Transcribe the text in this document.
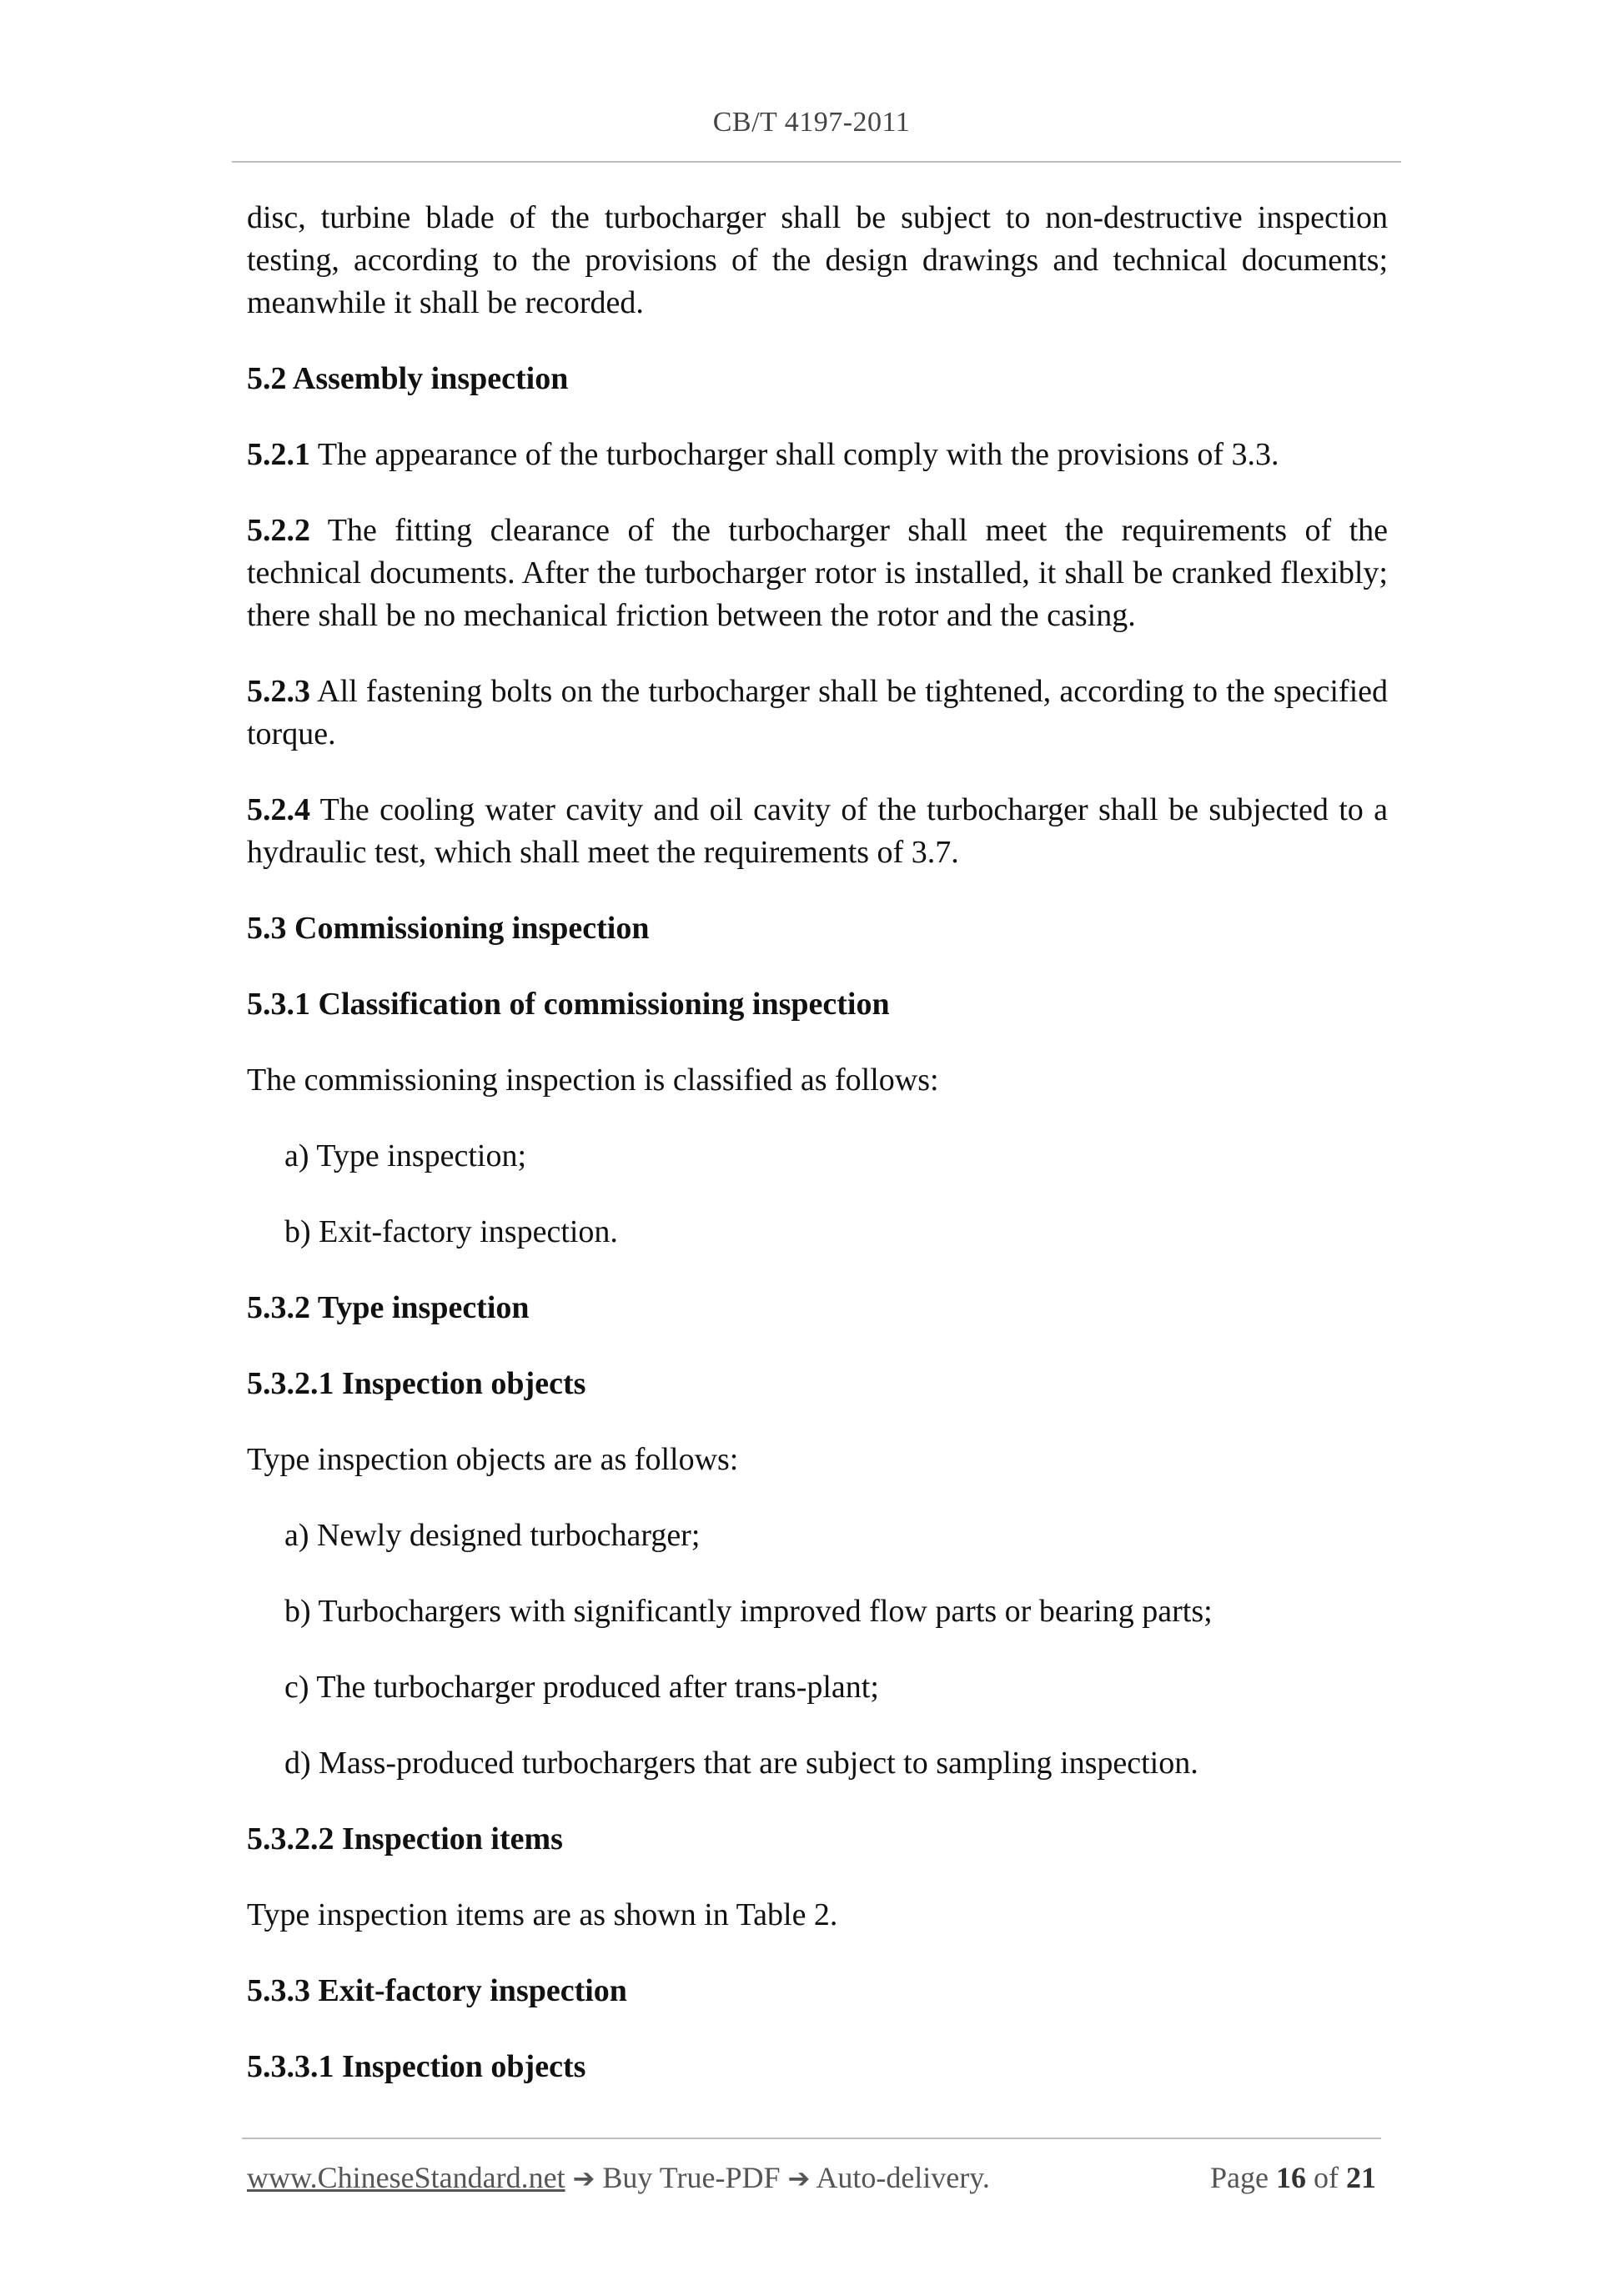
CB/T 4197-2011

disc, turbine blade of the turbocharger shall be subject to non-destructive inspection testing, according to the provisions of the design drawings and technical documents; meanwhile it shall be recorded.

5.2 Assembly inspection

5.2.1 The appearance of the turbocharger shall comply with the provisions of 3.3.

5.2.2 The fitting clearance of the turbocharger shall meet the requirements of the technical documents. After the turbocharger rotor is installed, it shall be cranked flexibly; there shall be no mechanical friction between the rotor and the casing.

5.2.3 All fastening bolts on the turbocharger shall be tightened, according to the specified torque.

5.2.4 The cooling water cavity and oil cavity of the turbocharger shall be subjected to a hydraulic test, which shall meet the requirements of 3.7.

5.3 Commissioning inspection

5.3.1 Classification of commissioning inspection

The commissioning inspection is classified as follows:

a) Type inspection;

b) Exit-factory inspection.

5.3.2 Type inspection

5.3.2.1 Inspection objects

Type inspection objects are as follows:

a) Newly designed turbocharger;

b) Turbochargers with significantly improved flow parts or bearing parts;

c) The turbocharger produced after trans-plant;

d) Mass-produced turbochargers that are subject to sampling inspection.

5.3.2.2 Inspection items

Type inspection items are as shown in Table 2.

5.3.3 Exit-factory inspection

5.3.3.1 Inspection objects

www.ChineseStandard.net ➔ Buy True-PDF ➔ Auto-delivery.	Page 16 of 21
